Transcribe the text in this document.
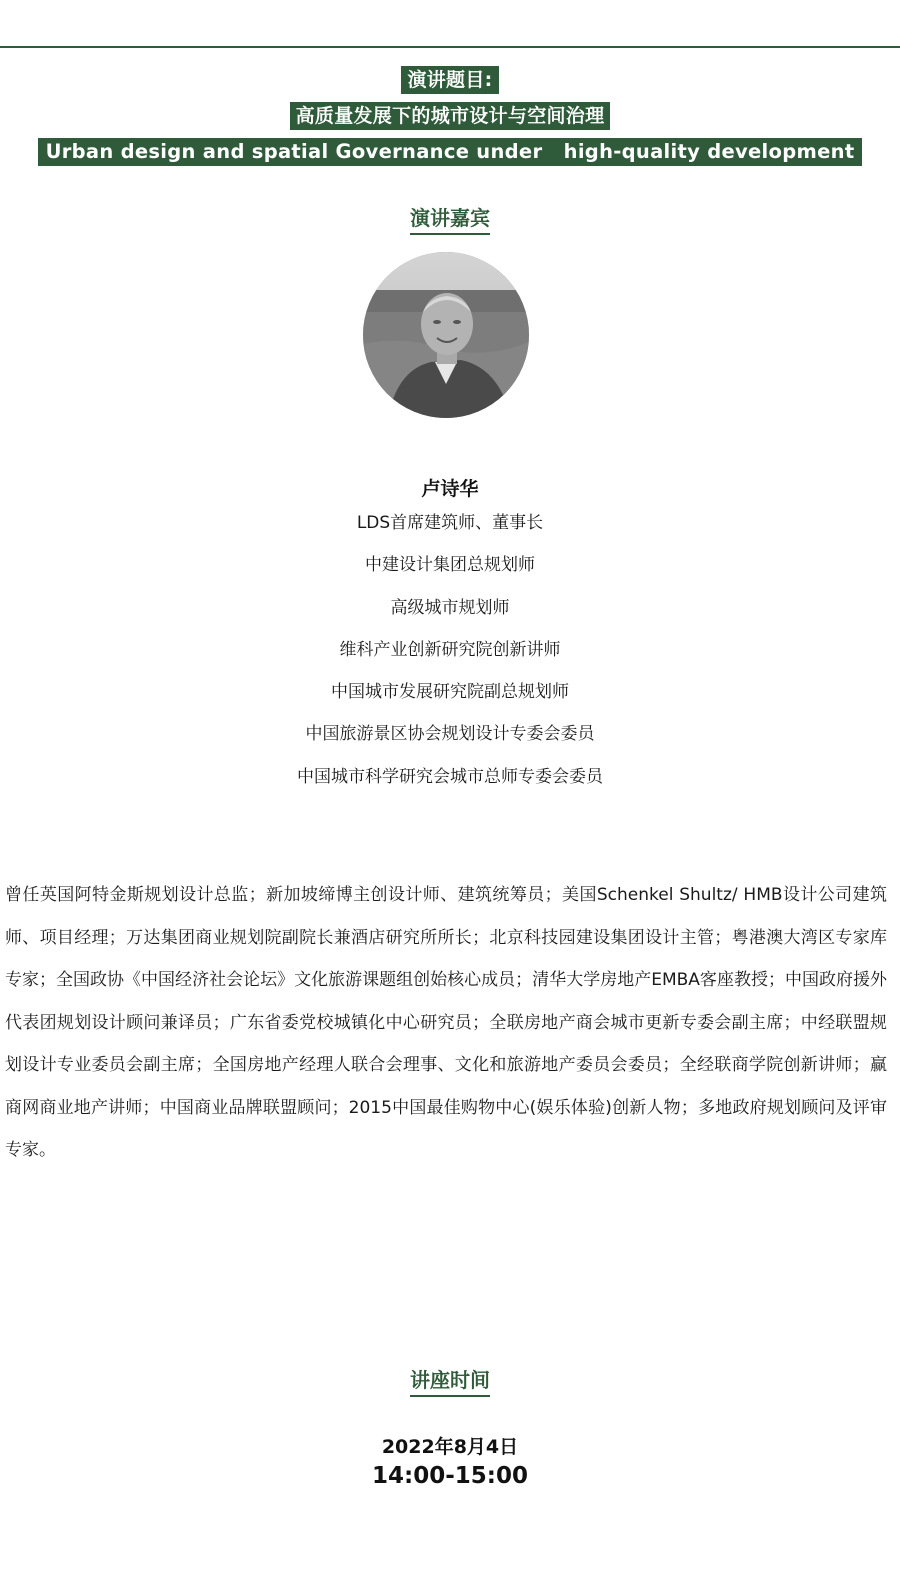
演讲题目:
高质量发展下的城市设计与空间治理
Urban design and spatial Governance under   high-quality development
演讲嘉宾
卢诗华
LDS首席建筑师、董事长
中建设计集团总规划师
高级城市规划师
维科产业创新研究院创新讲师
中国城市发展研究院副总规划师
中国旅游景区协会规划设计专委会委员
中国城市科学研究会城市总师专委会委员

曾任英国阿特金斯规划设计总监；新加坡缔博主创设计师、建筑统筹员；美国Schenkel Shultz/ HMB设计公司建筑师、项目经理；万达集团商业规划院副院长兼酒店研究所所长；北京科技园建设集团设计主管；粤港澳大湾区专家库专家；全国政协《中国经济社会论坛》文化旅游课题组创始核心成员；清华大学房地产EMBA客座教授；中国政府援外代表团规划设计顾问兼译员；广东省委党校城镇化中心研究员；全联房地产商会城市更新专委会副主席；中经联盟规划设计专业委员会副主席；全国房地产经理人联合会理事、文化和旅游地产委员会委员；全经联商学院创新讲师；赢商网商业地产讲师；中国商业品牌联盟顾问；2015中国最佳购物中心(娱乐体验)创新人物；多地政府规划顾问及评审专家。

讲座时间
2022年8月4日
14:00-15:00
